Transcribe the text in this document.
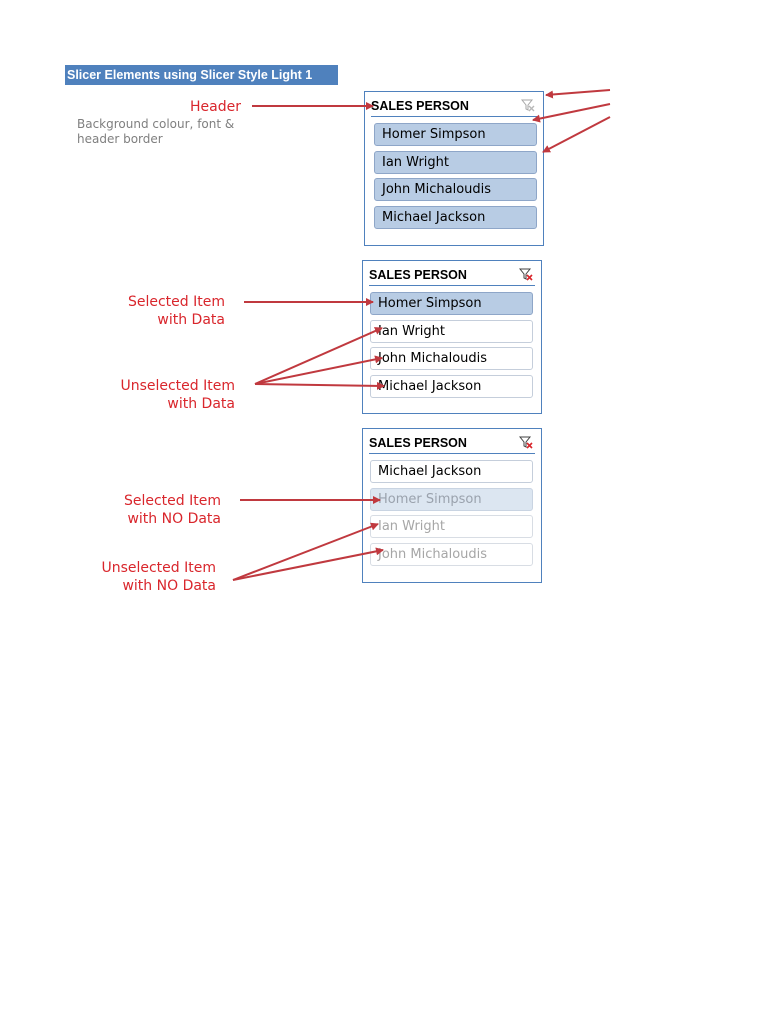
Slicer Elements using Slicer Style Light 1
Header
Background colour, font &
header border
Selected Item
with Data
Unselected Item
with Data
Selected Item
with NO Data
Unselected Item
with NO Data
SALES PERSON
Homer Simpson
Ian Wright
John Michaloudis
Michael Jackson
SALES PERSON
Homer Simpson
Ian Wright
John Michaloudis
Michael Jackson
SALES PERSON
Michael Jackson
Homer Simpson
Ian Wright
John Michaloudis
